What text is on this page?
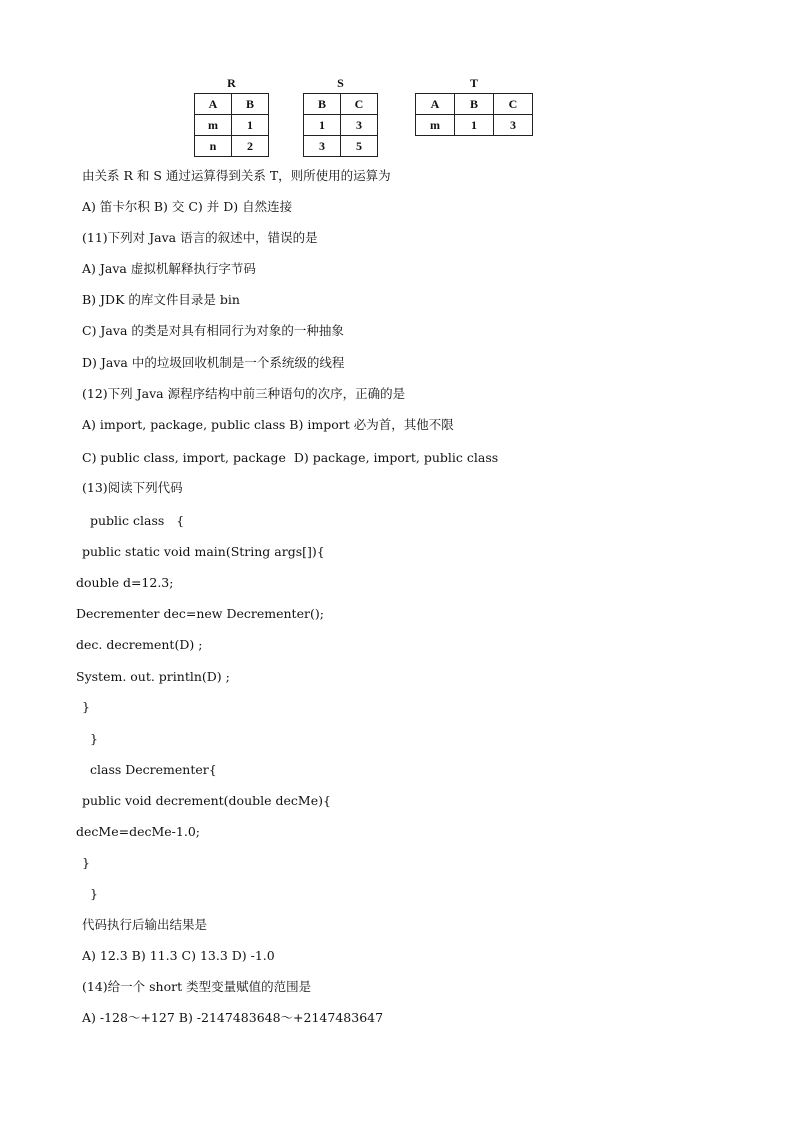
R
A	B
m	1
n	2
S
B	C
1	3
3	5
T
A	B	C
m	1	3
由关系 R 和 S 通过运算得到关系 T，则所使用的运算为
A) 笛卡尔积 B) 交 C) 并 D) 自然连接
(11)下列对 Java 语言的叙述中，错误的是
A) Java 虚拟机解释执行字节码
B) JDK 的库文件目录是 bin
C) Java 的类是对具有相同行为对象的一种抽象
D) Java 中的垃圾回收机制是一个系统级的线程
(12)下列 Java 源程序结构中前三种语句的次序，正确的是
A) import, package, public class B) import 必为首，其他不限
C) public class, import, package  D) package, import, public class
(13)阅读下列代码
public class   {
public static void main(String args[]){
double d=12.3;
Decrementer dec=new Decrementer();
dec. decrement(D) ;
System. out. println(D) ;
}
}
class Decrementer{
public void decrement(double decMe){
decMe=decMe-1.0;
}
}
代码执行后输出结果是
A) 12.3 B) 11.3 C) 13.3 D) -1.0
(14)给一个 short 类型变量赋值的范围是
A) -128～+127 B) -2147483648～+2147483647
